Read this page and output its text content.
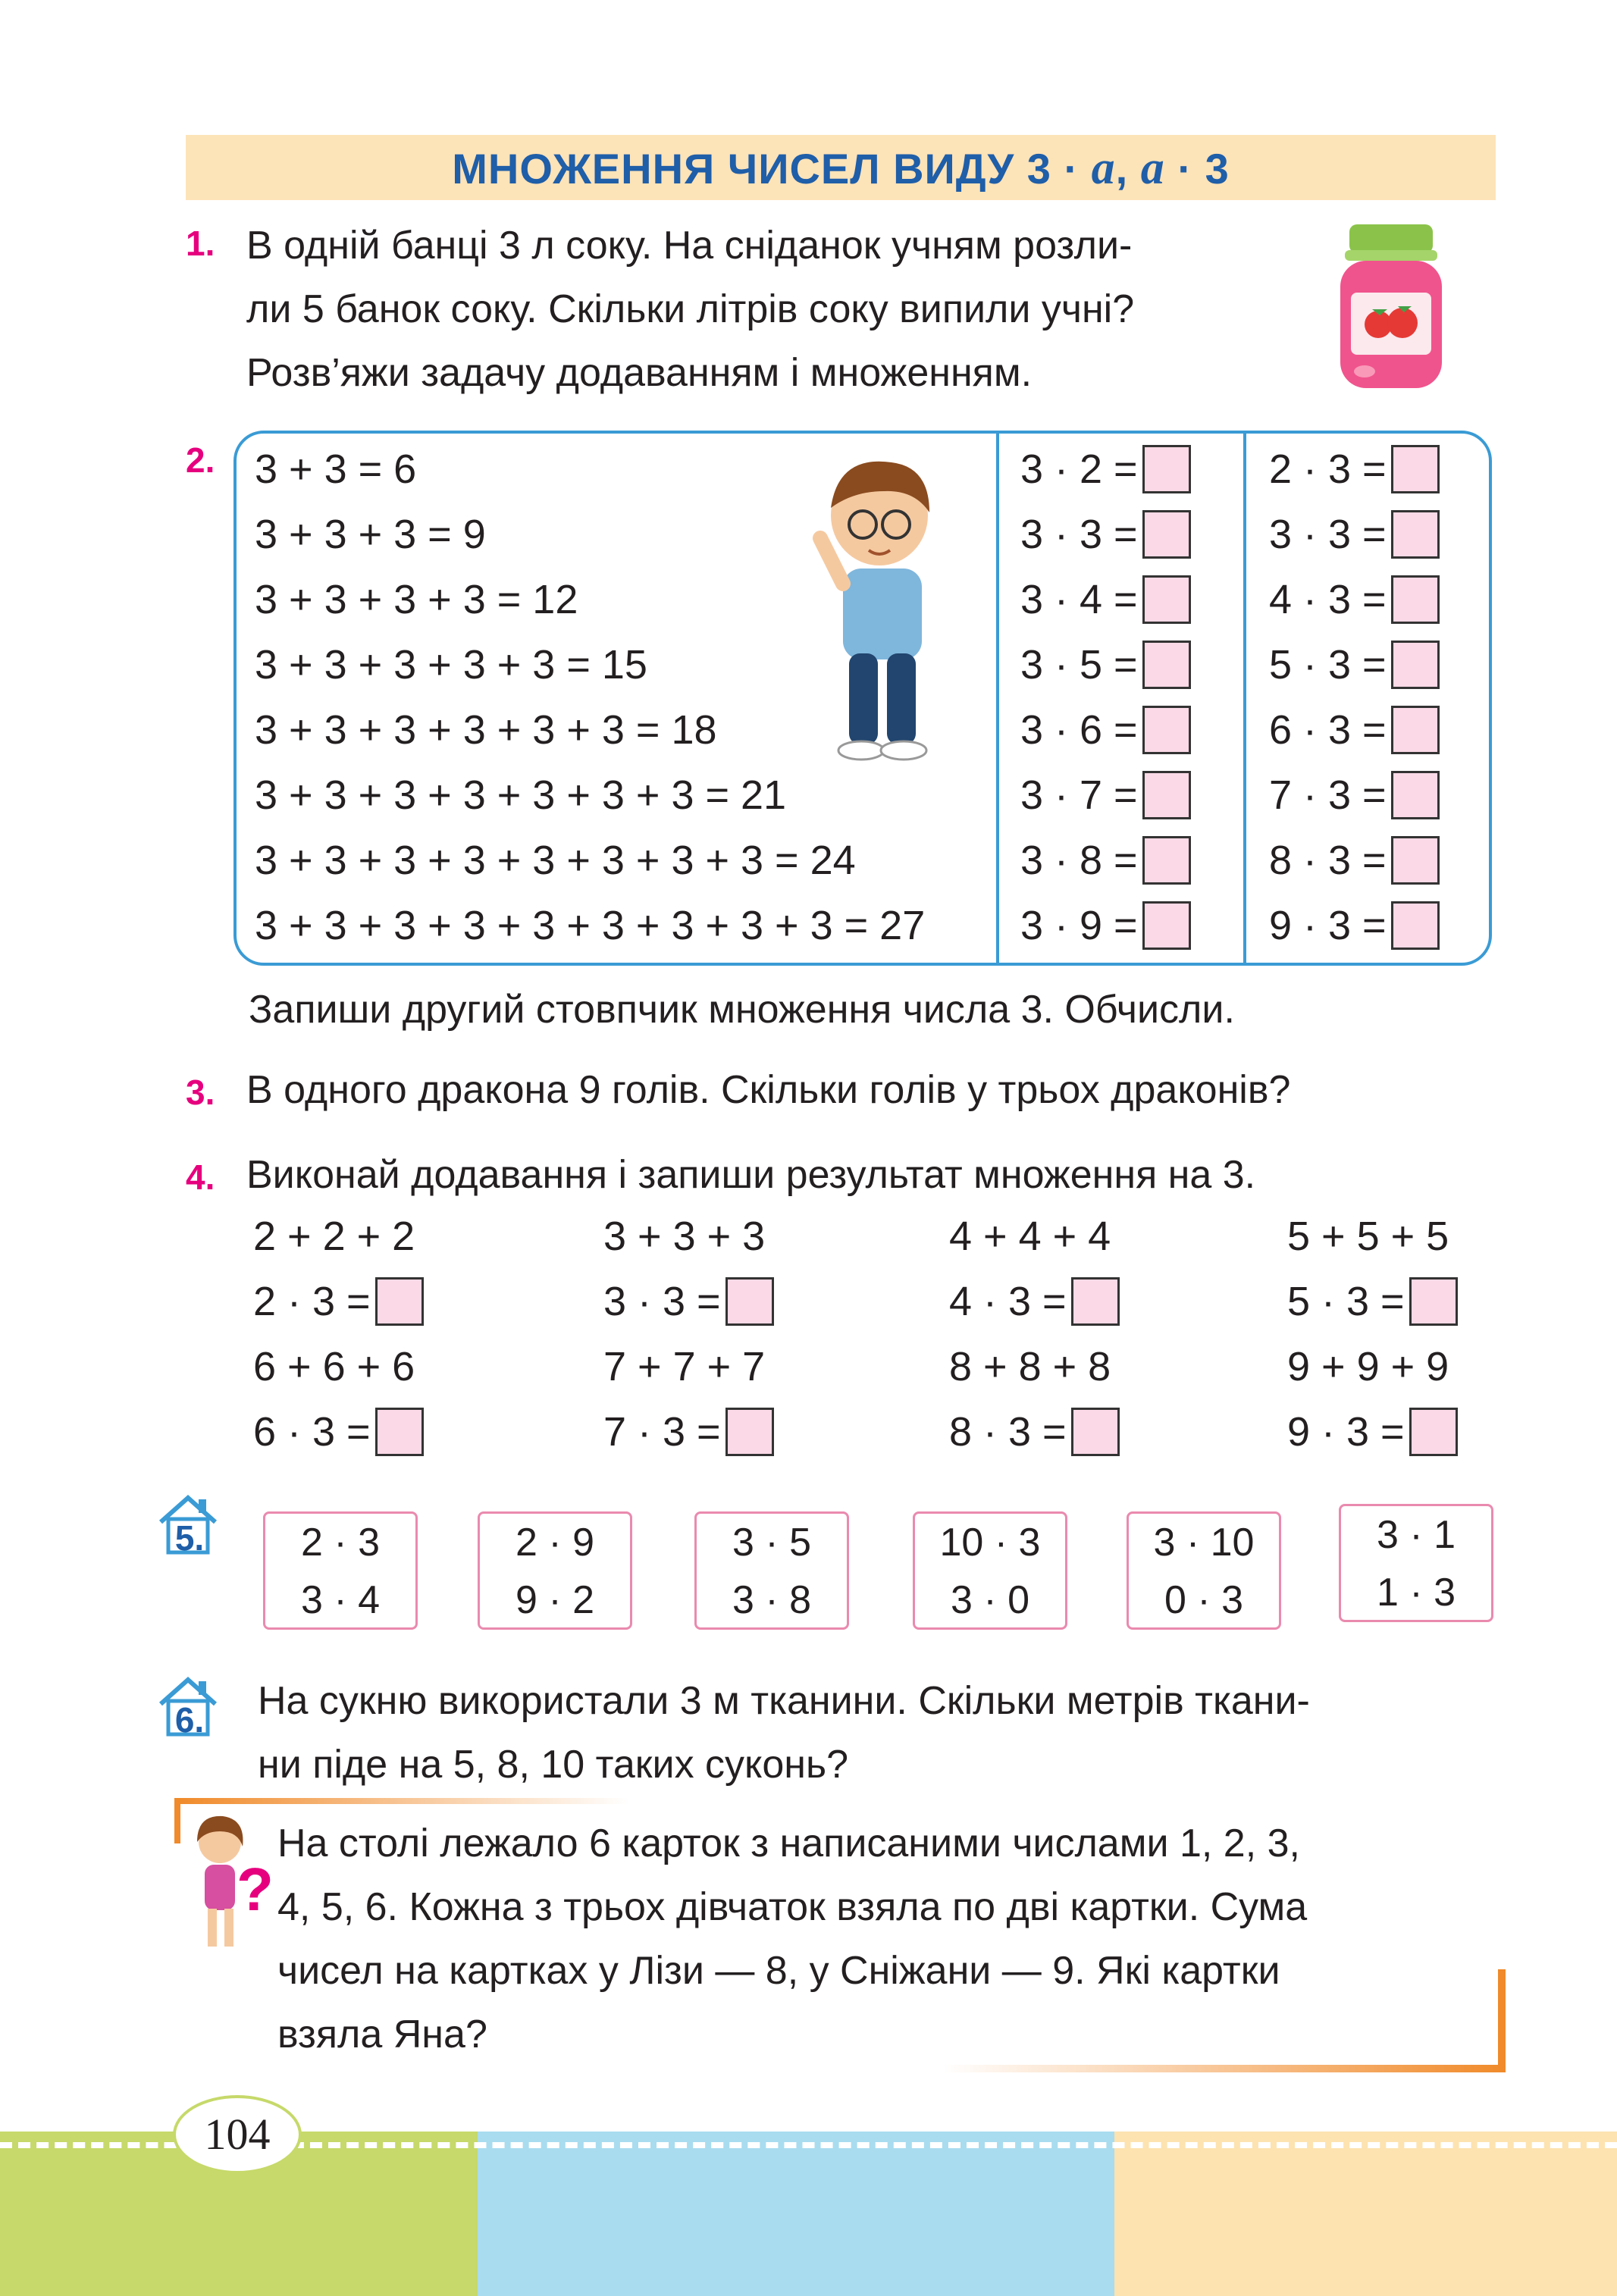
МНОЖЕННЯ ЧИСЕЛ ВИДУ 3 · a, a · 3
1. В одній банці 3 л соку. На сніданок учням розли-
ли 5 банок соку. Скільки літрів соку випили учні?
Розв’яжи задачу додаванням і множенням.
2. 3 + 3 = 6
3 + 3 + 3 = 9
3 + 3 + 3 + 3 = 12
3 + 3 + 3 + 3 + 3 = 15
3 + 3 + 3 + 3 + 3 + 3 = 18
3 + 3 + 3 + 3 + 3 + 3 + 3 = 21
3 + 3 + 3 + 3 + 3 + 3 + 3 + 3 = 24
3 + 3 + 3 + 3 + 3 + 3 + 3 + 3 + 3 = 27
3 · 2 =
3 · 3 =
3 · 4 =
3 · 5 =
3 · 6 =
3 · 7 =
3 · 8 =
3 · 9 =
2 · 3 =
3 · 3 =
4 · 3 =
5 · 3 =
6 · 3 =
7 · 3 =
8 · 3 =
9 · 3 =
Запиши другий стовпчик множення числа 3. Обчисли.
3. В одного дракона 9 голів. Скільки голів у трьох драконів?
4. Виконай додавання і запиши результат множення на 3.
2 + 2 + 2
2 · 3 =
6 + 6 + 6
6 · 3 =
3 + 3 + 3
3 · 3 =
7 + 7 + 7
7 · 3 =
4 + 4 + 4
4 · 3 =
8 + 8 + 8
8 · 3 =
5 + 5 + 5
5 · 3 =
9 + 9 + 9
9 · 3 =
5.	2 · 3
3 · 4
2 · 9
9 · 2
3 · 5
3 · 8
10 · 3
3 · 0
3 · 10
0 · 3
3 · 1
1 · 3
6. На сукню використали 3 м тканини. Скільки метрів ткани-
ни піде на 5, 8, 10 таких суконь?
?
На столі лежало 6 карток з написаними числами 1, 2, 3,
4, 5, 6. Кожна з трьох дівчаток взяла по дві картки. Сума
чисел на картках у Лізи — 8, у Сніжани — 9. Які картки
взяла Яна?
104
